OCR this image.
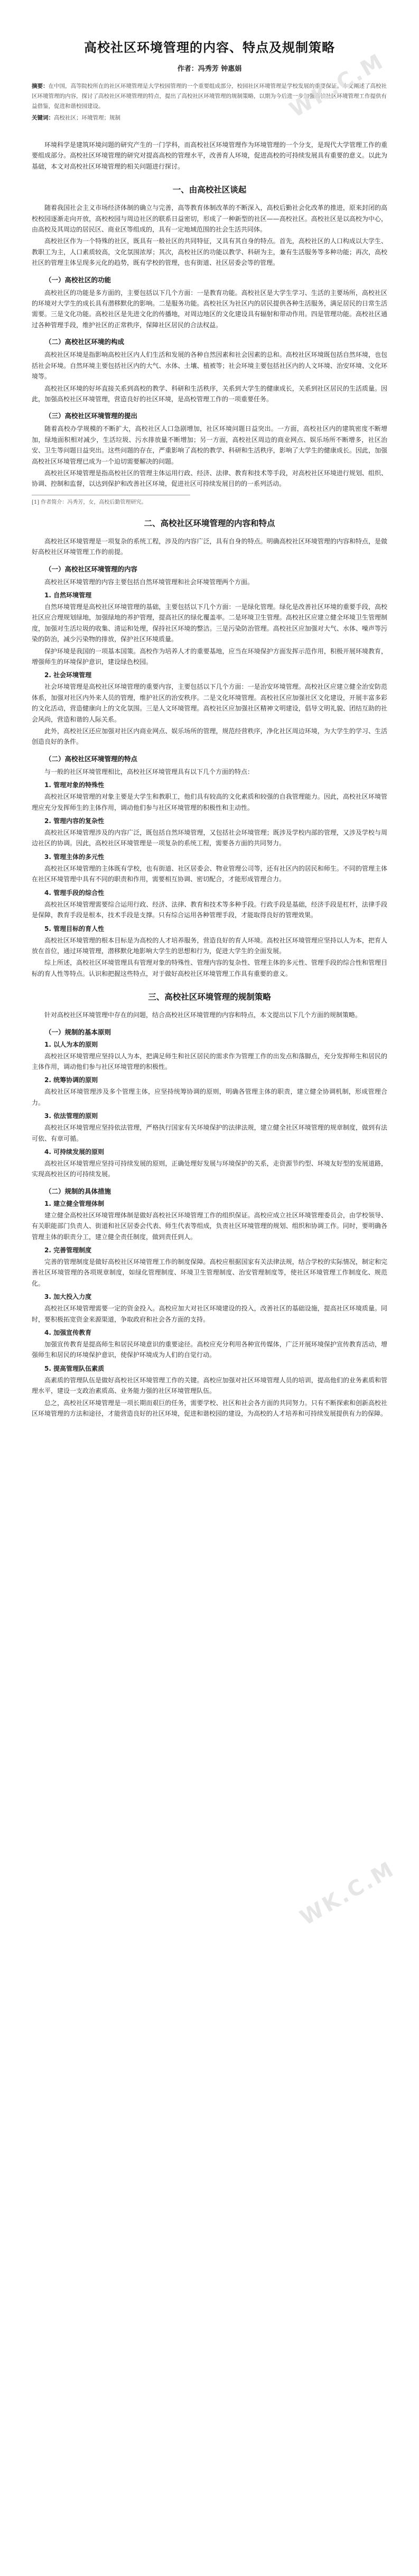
WK.C.M
WK.C.M
高校社区环境管理的内容、特点及规制策略
作者：冯秀芳 钟惠娟
摘要：在中国，高等院校所在的社区环境管理是大学校园管理的一个重要组成部分，校园社区环境管理是学校发展的重要保证。本文阐述了高校社区环境管理的内容，探讨了高校社区环境管理的特点，提出了高校社区环境管理的规制策略，以期为今后进一步加强高校社区环境管理工作提供有益借鉴，促进和谐校园建设。
关键词：高校社区；环境管理；规制

环境科学是建筑环境问题的研究产生的一门学科，而高校社区环境管理作为环境管理的一个分支，是现代大学管理工作的重要组成部分。高校社区环境管理的研究对提高高校的管理水平，改善育人环境，促进高校的可持续发展具有重要的意义。以此为基础，本文对高校社区环境管理的相关问题进行探讨。

一、由高校社区谈起

随着我国社会主义市场经济体制的确立与完善，高等教育体制改革的不断深入，高校后勤社会化改革的推进，原来封闭的高校校园逐渐走向开放，高校校园与周边社区的联系日益密切，形成了一种新型的社区——高校社区。高校社区是以高校为中心，由高校及其周边的居民区、商业区等组成的，具有一定地域范围的社会生活共同体。

高校社区作为一个特殊的社区，既具有一般社区的共同特征，又具有其自身的特点。首先，高校社区的人口构成以大学生、教职工为主，人口素质较高，文化氛围浓厚；其次，高校社区的功能以教学、科研为主，兼有生活服务等多种功能；再次，高校社区的管理主体呈现多元化的趋势，既有学校的管理，也有街道、社区居委会等的管理。

（一）高校社区的功能

高校社区的功能是多方面的，主要包括以下几个方面：一是教育功能。高校社区是大学生学习、生活的主要场所，高校社区的环境对大学生的成长具有潜移默化的影响。二是服务功能。高校社区为社区内的居民提供各种生活服务，满足居民的日常生活需要。三是文化功能。高校社区是先进文化的传播地，对周边地区的文化建设具有辐射和带动作用。四是管理功能。高校社区通过各种管理手段，维护社区的正常秩序，保障社区居民的合法权益。

（二）高校社区环境的构成

高校社区环境是指影响高校社区内人们生活和发展的各种自然因素和社会因素的总和。高校社区环境既包括自然环境，也包括社会环境。自然环境主要包括社区内的大气、水体、土壤、植被等；社会环境主要包括社区内的人文环境、治安环境、文化环境等。

高校社区环境的好坏直接关系到高校的教学、科研和生活秩序，关系到大学生的健康成长，关系到社区居民的生活质量。因此，加强高校社区环境管理，营造良好的社区环境，是高校管理工作的一项重要任务。

（三）高校社区环境管理的提出

随着高校办学规模的不断扩大，高校社区人口急剧增加，社区环境问题日益突出。一方面，高校社区内的建筑密度不断增加，绿地面积相对减少，生活垃圾、污水排放量不断增加；另一方面，高校社区周边的商业网点、娱乐场所不断增多，社区治安、卫生等问题日益突出。这些问题的存在，严重影响了高校的教学、科研和生活秩序，影响了大学生的健康成长。因此，加强高校社区环境管理已成为一个迫切需要解决的问题。

高校社区环境管理是指高校社区的管理主体运用行政、经济、法律、教育和技术等手段，对高校社区环境进行规划、组织、协调、控制和监督，以达到保护和改善社区环境，促进社区可持续发展目的的一系列活动。

[1] 作者简介：冯秀芳，女，高校后勤管理研究。
二、高校社区环境管理的内容和特点

高校社区环境管理是一项复杂的系统工程，涉及的内容广泛，具有自身的特点。明确高校社区环境管理的内容和特点，是做好高校社区环境管理工作的前提。

（一）高校社区环境管理的内容

高校社区环境管理的内容主要包括自然环境管理和社会环境管理两个方面。

1. 自然环境管理

自然环境管理是高校社区环境管理的基础，主要包括以下几个方面：一是绿化管理。绿化是改善社区环境的重要手段，高校社区应合理规划绿地，加强绿地的养护管理，提高社区的绿化覆盖率。二是环境卫生管理。高校社区应建立健全环境卫生管理制度，加强对生活垃圾的收集、清运和处理，保持社区环境的整洁。三是污染防治管理。高校社区应加强对大气、水体、噪声等污染的防治，减少污染物的排放，保护社区环境质量。

保护环境是我国的一项基本国策。高校作为培养人才的重要基地，应当在环境保护方面发挥示范作用，积极开展环境教育，增强师生的环境保护意识，建设绿色校园。

2. 社会环境管理

社会环境管理是高校社区环境管理的重要内容，主要包括以下几个方面：一是治安环境管理。高校社区应建立健全治安防范体系，加强对社区内外来人员的管理，维护社区的治安秩序。二是文化环境管理。高校社区应加强社区文化建设，开展丰富多彩的文化活动，营造健康向上的文化氛围。三是人文环境管理。高校社区应加强社区精神文明建设，倡导文明礼貌、团结互助的社会风尚，营造和谐的人际关系。

此外，高校社区还应加强对社区内商业网点、娱乐场所的管理，规范经营秩序，净化社区周边环境，为大学生的学习、生活创造良好的条件。

（二）高校社区环境管理的特点

与一般的社区环境管理相比，高校社区环境管理具有以下几个方面的特点：

1. 管理对象的特殊性

高校社区环境管理的对象主要是大学生和教职工，他们具有较高的文化素质和较强的自我管理能力。因此，高校社区环境管理应充分发挥师生的主体作用，调动他们参与社区环境管理的积极性和主动性。

2. 管理内容的复杂性

高校社区环境管理涉及的内容广泛，既包括自然环境管理，又包括社会环境管理；既涉及学校内部的管理，又涉及学校与周边社区的协调。因此，高校社区环境管理是一项复杂的系统工程，需要各方面的共同努力。

3. 管理主体的多元性

高校社区环境管理的主体既有学校，也有街道、社区居委会、物业管理公司等，还有社区内的居民和师生。不同的管理主体在社区环境管理中具有不同的职责和作用，需要相互协调、密切配合，才能形成管理合力。

4. 管理手段的综合性

高校社区环境管理需要综合运用行政、经济、法律、教育和技术等多种手段。行政手段是基础，经济手段是杠杆，法律手段是保障，教育手段是根本，技术手段是支撑。只有综合运用各种管理手段，才能取得良好的管理效果。

5. 管理目标的育人性

高校社区环境管理的根本目标是为高校的人才培养服务，营造良好的育人环境。高校社区环境管理应坚持以人为本，把育人放在首位，通过环境管理，潜移默化地影响大学生的思想和行为，促进大学生的全面发展。

综上所述，高校社区环境管理具有管理对象的特殊性、管理内容的复杂性、管理主体的多元性、管理手段的综合性和管理目标的育人性等特点。认识和把握这些特点，对于做好高校社区环境管理工作具有重要的意义。

三、高校社区环境管理的规制策略

针对高校社区环境管理中存在的问题，结合高校社区环境管理的内容和特点，本文提出以下几个方面的规制策略。

（一）规制的基本原则
1. 以人为本的原则

高校社区环境管理应坚持以人为本，把满足师生和社区居民的需求作为管理工作的出发点和落脚点，充分发挥师生和居民的主体作用，调动他们参与社区环境管理的积极性。

2. 统筹协调的原则

高校社区环境管理涉及多个管理主体，应坚持统筹协调的原则，明确各管理主体的职责，建立健全协调机制，形成管理合力。

3. 依法管理的原则

高校社区环境管理应坚持依法管理，严格执行国家有关环境保护的法律法规，建立健全社区环境管理的规章制度，做到有法可依、有章可循。

4. 可持续发展的原则

高校社区环境管理应坚持可持续发展的原则，正确处理好发展与环境保护的关系，走资源节约型、环境友好型的发展道路，实现高校社区的可持续发展。

（二）规制的具体措施
1. 建立健全管理体制

建立健全高校社区环境管理体制是做好高校社区环境管理工作的组织保证。高校应成立社区环境管理委员会，由学校领导、有关职能部门负责人、街道和社区居委会代表、师生代表等组成，负责社区环境管理的规划、组织和协调工作。同时，要明确各管理主体的职责分工，建立健全责任制度，做到责任到人。

2. 完善管理制度

完善的管理制度是做好高校社区环境管理工作的制度保障。高校应根据国家有关法律法规，结合学校的实际情况，制定和完善社区环境管理的各项规章制度，如绿化管理制度、环境卫生管理制度、治安管理制度等，使社区环境管理工作制度化、规范化。

3. 加大投入力度

高校社区环境管理需要一定的资金投入。高校应加大对社区环境建设的投入，改善社区的基础设施，提高社区环境质量。同时，要积极拓宽资金来源渠道，争取政府和社会各方面的支持。

4. 加强宣传教育

加强宣传教育是提高师生和居民环境意识的重要途径。高校应充分利用各种宣传媒体，广泛开展环境保护宣传教育活动，增强师生和居民的环境保护意识，使保护环境成为人们的自觉行动。

5. 提高管理队伍素质

高素质的管理队伍是做好高校社区环境管理工作的关键。高校应加强对社区环境管理人员的培训，提高他们的业务素质和管理水平，建设一支政治素质高、业务能力强的社区环境管理队伍。

总之，高校社区环境管理是一项长期而艰巨的任务，需要学校、社区和社会各方面的共同努力。只有不断探索和创新高校社区环境管理的方法和途径，才能营造良好的社区环境，促进和谐校园的建设，为高校的人才培养和可持续发展提供有力的保障。
